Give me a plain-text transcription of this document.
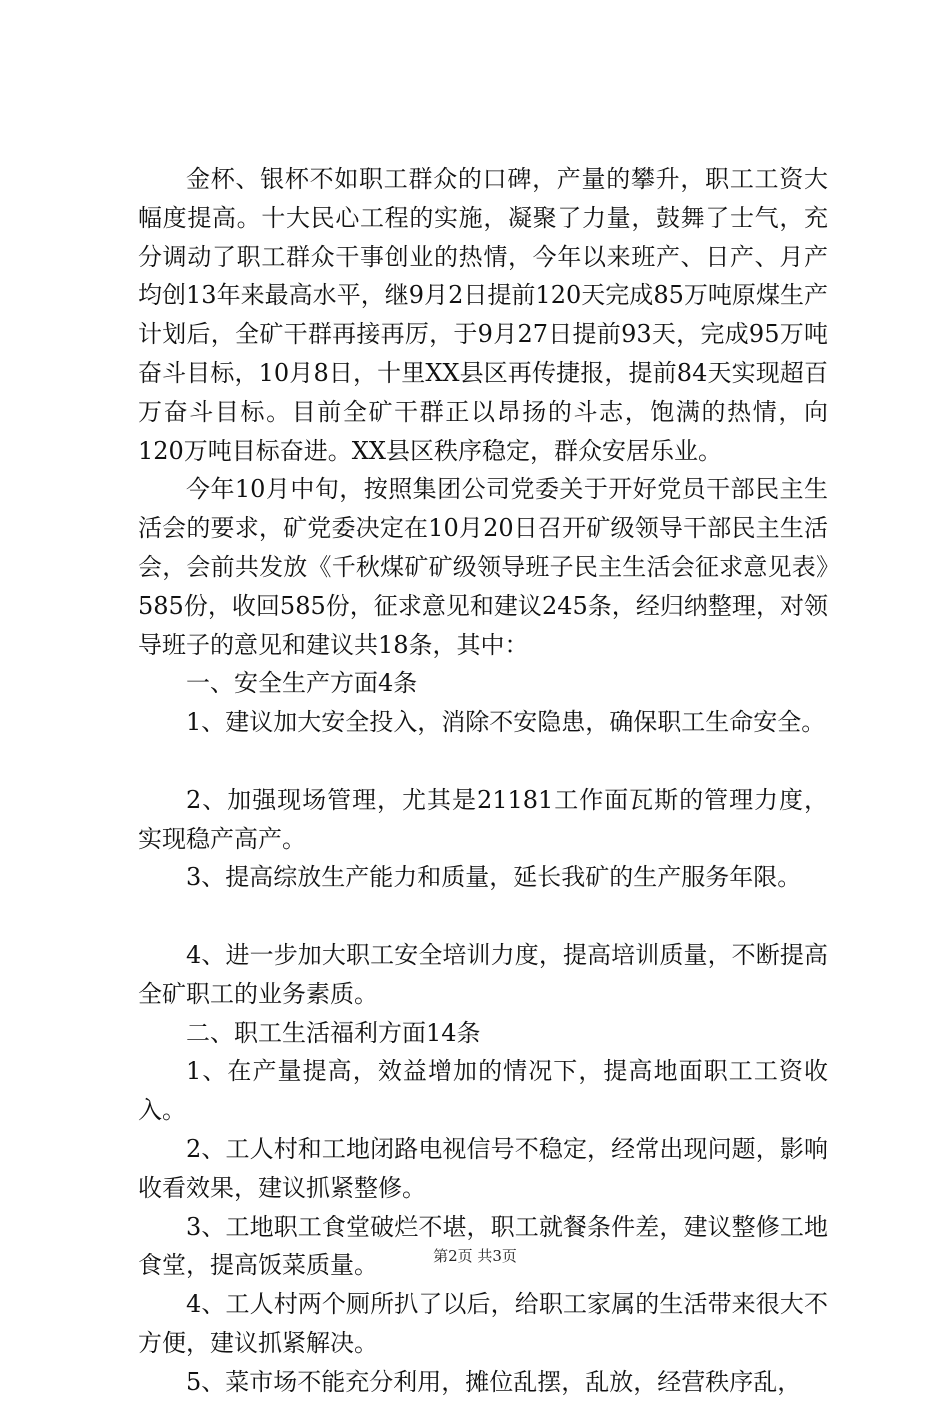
金杯、银杯不如职工群众的口碑，产量的攀升，职工工资大幅度提高。十大民心工程的实施，凝聚了力量，鼓舞了士气，充分调动了职工群众干事创业的热情，今年以来班产、日产、月产均创13年来最高水平，继9月2日提前120天完成85万吨原煤生产计划后，全矿干群再接再厉，于9月27日提前93天，完成95万吨奋斗目标，10月8日，十里XX县区再传捷报，提前84天实现超百万奋斗目标。目前全矿干群正以昂扬的斗志，饱满的热情，向120万吨目标奋进。XX县区秩序稳定，群众安居乐业。

今年10月中旬，按照集团公司党委关于开好党员干部民主生活会的要求，矿党委决定在10月20日召开矿级领导干部民主生活会，会前共发放《千秋煤矿矿级领导班子民主生活会征求意见表》585份，收回585份，征求意见和建议245条，经归纳整理，对领导班子的意见和建议共18条，其中：

一、安全生产方面4条

1、建议加大安全投入，消除不安隐患，确保职工生命安全。

2、加强现场管理，尤其是21181工作面瓦斯的管理力度，实现稳产高产。

3、提高综放生产能力和质量，延长我矿的生产服务年限。

4、进一步加大职工安全培训力度，提高培训质量，不断提高全矿职工的业务素质。

二、职工生活福利方面14条

1、在产量提高，效益增加的情况下，提高地面职工工资收入。

2、工人村和工地闭路电视信号不稳定，经常出现问题，影响收看效果，建议抓紧整修。

3、工地职工食堂破烂不堪，职工就餐条件差，建议整修工地食堂，提高饭菜质量。

4、工人村两个厕所扒了以后，给职工家属的生活带来很大不方便，建议抓紧解决。

5、菜市场不能充分利用，摊位乱摆，乱放，经营秩序乱，

第2页 共3页
